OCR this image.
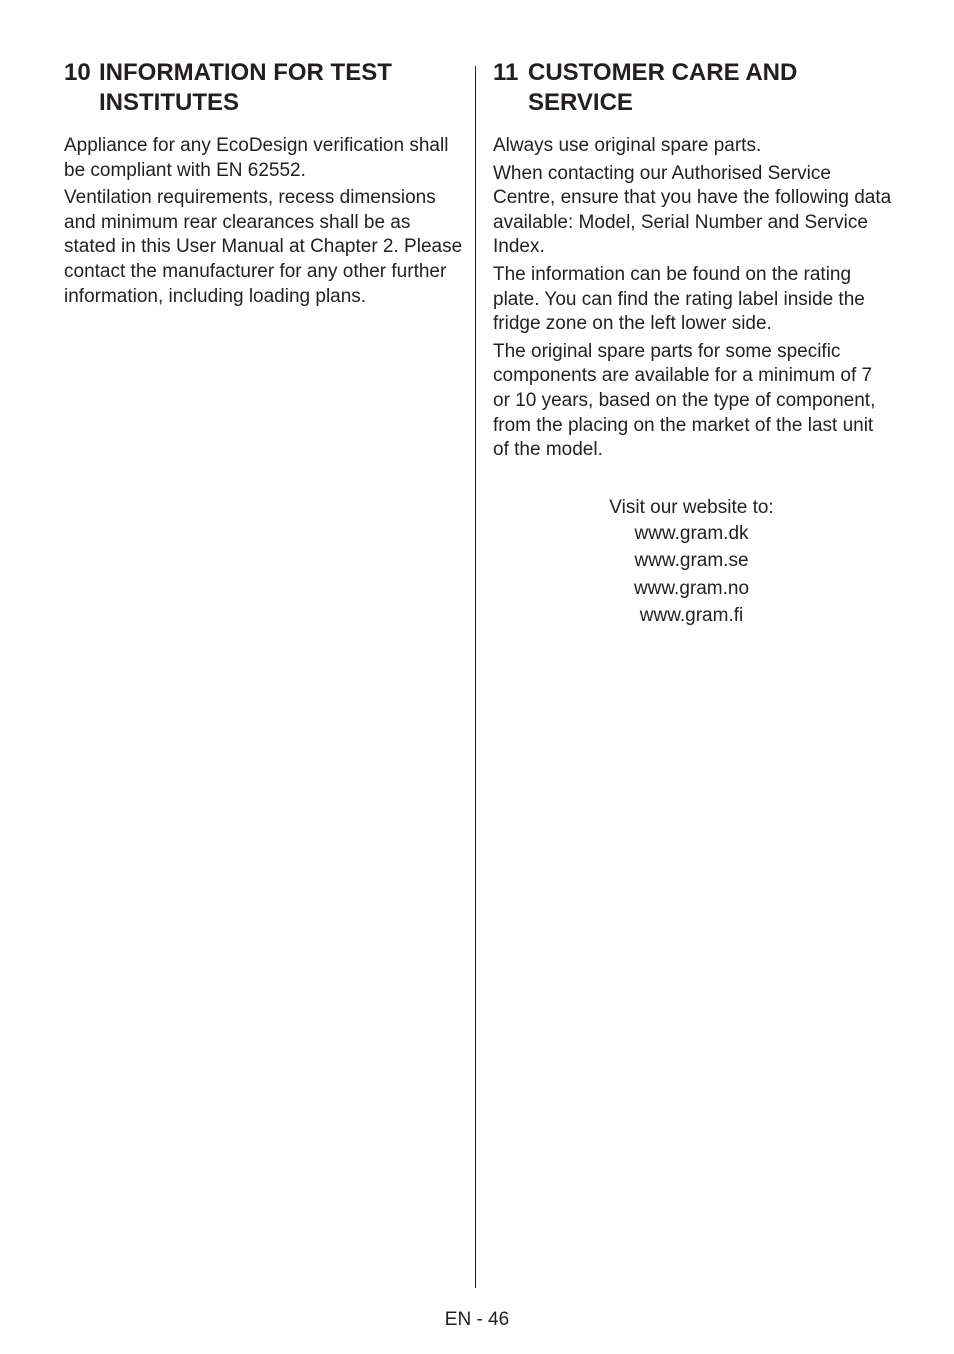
10 INFORMATION FOR TEST INSTITUTES

Appliance for any EcoDesign verification shall be compliant with EN 62552.

Ventilation requirements, recess dimensions and minimum rear clearances shall be as stated in this User Manual at Chapter 2. Please contact the manufacturer for any other further information, including loading plans.

11 CUSTOMER CARE AND SERVICE

Always use original spare parts.

When contacting our Authorised Service Centre, ensure that you have the following data available: Model, Serial Number and Service Index.

The information can be found on the rating plate. You can find the rating label inside the fridge zone on the left lower side.

The original spare parts for some specific components are available for a minimum of 7 or 10 years, based on the type of component, from the placing on the market of the last unit of the model.

Visit our website to:
www.gram.dk
www.gram.se
www.gram.no
www.gram.fi
EN - 46
